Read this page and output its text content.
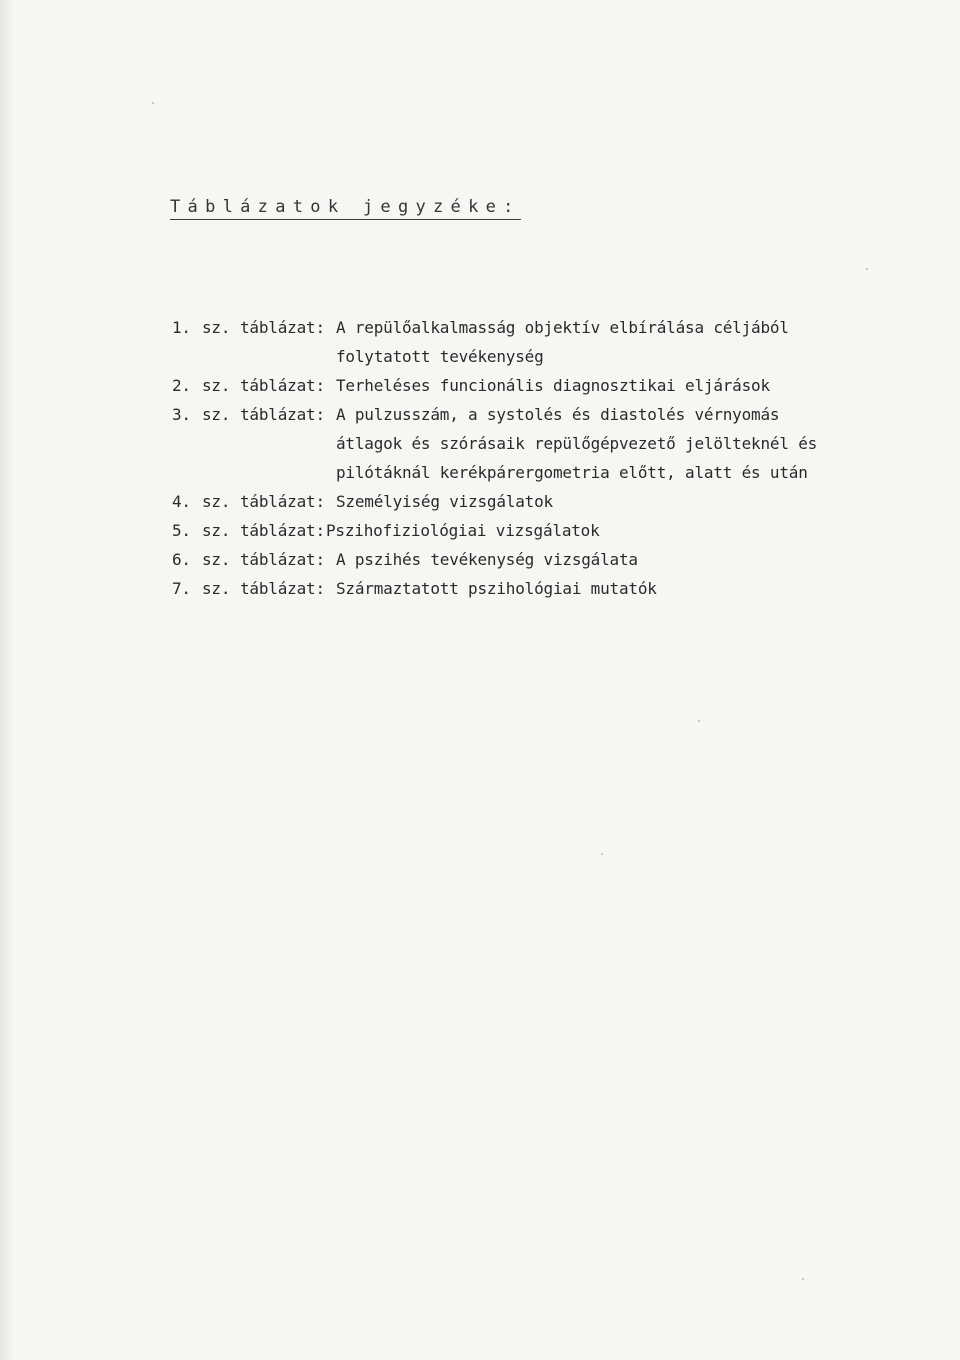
Táblázatok jegyzéke:
1. sz. táblázat: A repülőalkalmasság objektív elbírálása céljából
folytatott tevékenység
2. sz. táblázat: Terheléses funcionális diagnosztikai eljárások
3. sz. táblázat: A pulzusszám, a systolés és diastolés vérnyomás
átlagok és szórásaik repülőgépvezető jelölteknél és
pilótáknál kerékpárergometria előtt, alatt és után
4. sz. táblázat: Személyiség vizsgálatok
5. sz. táblázat: Pszihofiziológiai vizsgálatok
6. sz. táblázat: A pszihés tevékenység vizsgálata
7. sz. táblázat: Származtatott pszihológiai mutatók
